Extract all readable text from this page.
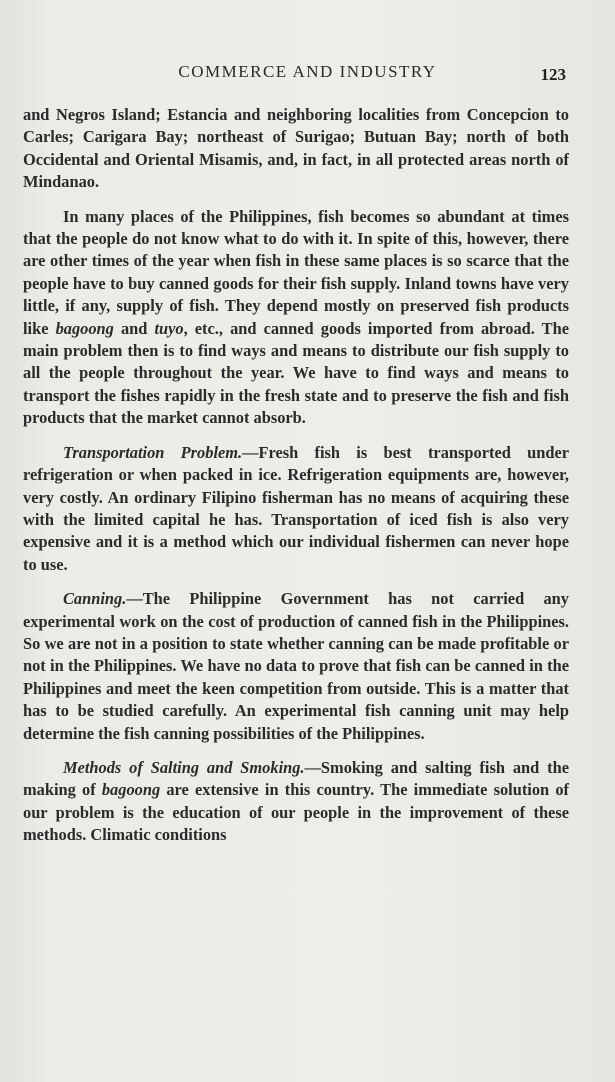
COMMERCE AND INDUSTRY	123

and Negros Island; Estancia and neighboring localities from Concepcion to Carles; Carigara Bay; northeast of Surigao; Butuan Bay; north of both Occidental and Oriental Misamis, and, in fact, in all protected areas north of Mindanao.

In many places of the Philippines, fish becomes so abundant at times that the people do not know what to do with it. In spite of this, however, there are other times of the year when fish in these same places is so scarce that the people have to buy canned goods for their fish supply. Inland towns have very little, if any, supply of fish. They depend mostly on preserved fish products like bagoong and tuyo, etc., and canned goods imported from abroad. The main problem then is to find ways and means to distribute our fish supply to all the people throughout the year. We have to find ways and means to transport the fishes rapidly in the fresh state and to preserve the fish and fish products that the market cannot absorb.

Transportation Problem.—Fresh fish is best transported under refrigeration or when packed in ice. Refrigeration equipments are, however, very costly. An ordinary Filipino fisherman has no means of acquiring these with the limited capital he has. Transportation of iced fish is also very expensive and it is a method which our individual fishermen can never hope to use.

Canning.—The Philippine Government has not carried any experimental work on the cost of production of canned fish in the Philippines. So we are not in a position to state whether canning can be made profitable or not in the Philippines. We have no data to prove that fish can be canned in the Philippines and meet the keen competition from outside. This is a matter that has to be studied carefully. An experimental fish canning unit may help determine the fish canning possibilities of the Philippines.

Methods of Salting and Smoking.—Smoking and salting fish and the making of bagoong are extensive in this country. The immediate solution of our problem is the education of our people in the improvement of these methods. Climatic conditions
